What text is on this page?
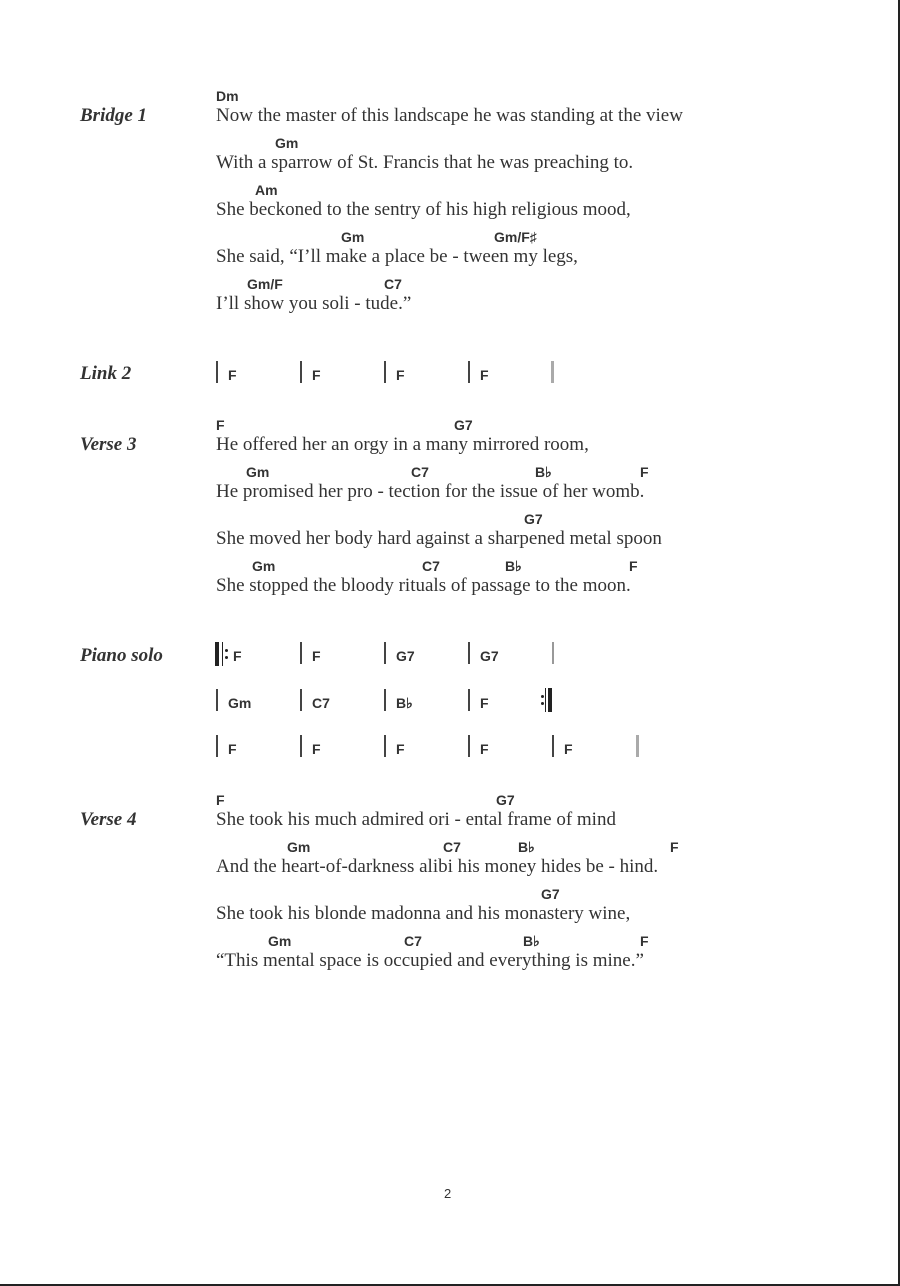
Bridge 1
Dm
Now the master of this landscape he was standing at the view
Gm
With a sparrow of St. Francis that he was preaching to.
Am
She beckoned to the sentry of his high religious mood,
Gm	Gm/F♯
She said, “I’ll make a place be - tween my legs,
Gm/F	C7
I’ll show you soli - tude.”
Link 2	F	F	F	F
Verse 3
F	G7
He offered her an orgy in a many mirrored room,
Gm	C7	B♭	F
He promised her pro - tection for the issue of her womb.
G7
She moved her body hard against a sharpened metal spoon
Gm	C7	B♭	F
She stopped the bloody rituals of passage to the moon.
Piano solo	F	F	G7	G7
Gm	C7	B♭	F
F	F	F	F	F
Verse 4
F	G7
She took his much admired ori - ental frame of mind
Gm	C7	B♭	F
And the heart-of-darkness alibi his money hides be - hind.
G7
She took his blonde madonna and his monastery wine,
Gm	C7	B♭	F
“This mental space is occupied and everything is mine.”
2
